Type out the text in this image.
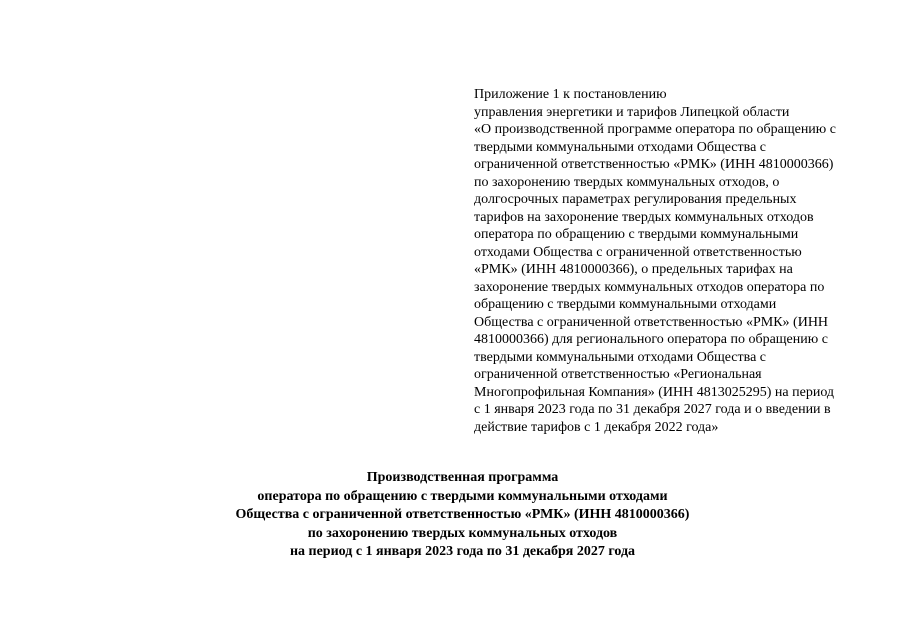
Приложение 1 к постановлению
управления энергетики и тарифов Липецкой области
«О производственной программе оператора по обращению с
твердыми коммунальными отходами Общества с
ограниченной ответственностью «РМК» (ИНН 4810000366)
по захоронению твердых коммунальных отходов, о
долгосрочных параметрах регулирования предельных
тарифов на захоронение твердых коммунальных отходов
оператора по обращению с твердыми коммунальными
отходами Общества с ограниченной ответственностью
«РМК» (ИНН 4810000366), о предельных тарифах на
захоронение твердых коммунальных отходов оператора по
обращению с твердыми коммунальными отходами
Общества с ограниченной ответственностью «РМК» (ИНН
4810000366) для регионального оператора по обращению с
твердыми коммунальными отходами Общества с
ограниченной ответственностью «Региональная
Многопрофильная Компания» (ИНН 4813025295) на период
с 1 января 2023 года по 31 декабря 2027 года и о введении в
действие тарифов с 1 декабря 2022 года»
Производственная программа
оператора по обращению с твердыми коммунальными отходами
Общества с ограниченной ответственностью «РМК» (ИНН 4810000366)
по захоронению твердых коммунальных отходов
на период с 1 января 2023 года по 31 декабря 2027 года
